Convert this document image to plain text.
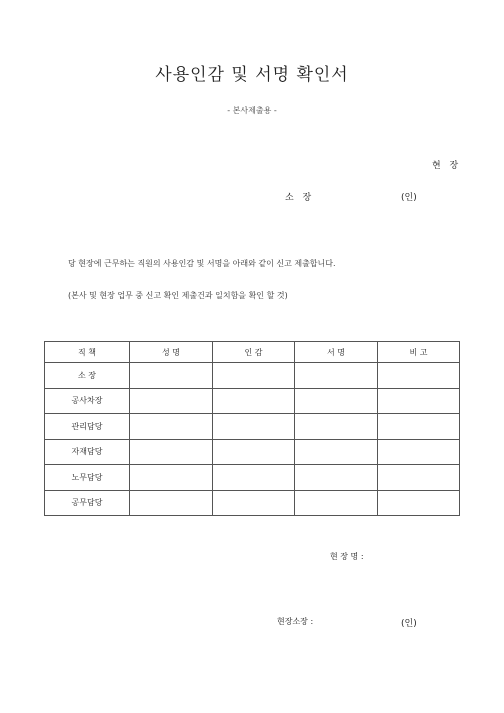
사용인감 및 서명 확인서
- 본사제출용 -
현 장
소 장	(인)
당 현장에 근무하는 직원의 사용인감 및 서명을 아래와 같이 신고 제출합니다.
(본사 및 현장 업무 중 신고 확인 제출건과 일치함을 확인 할 것)
직 책	성 명	인 감	서 명	비 고
소 장				
공사차장				
관리담당				
자재담당				
노무담당				
공무담당				
현 장 명 :
현장소장 :	(인)
